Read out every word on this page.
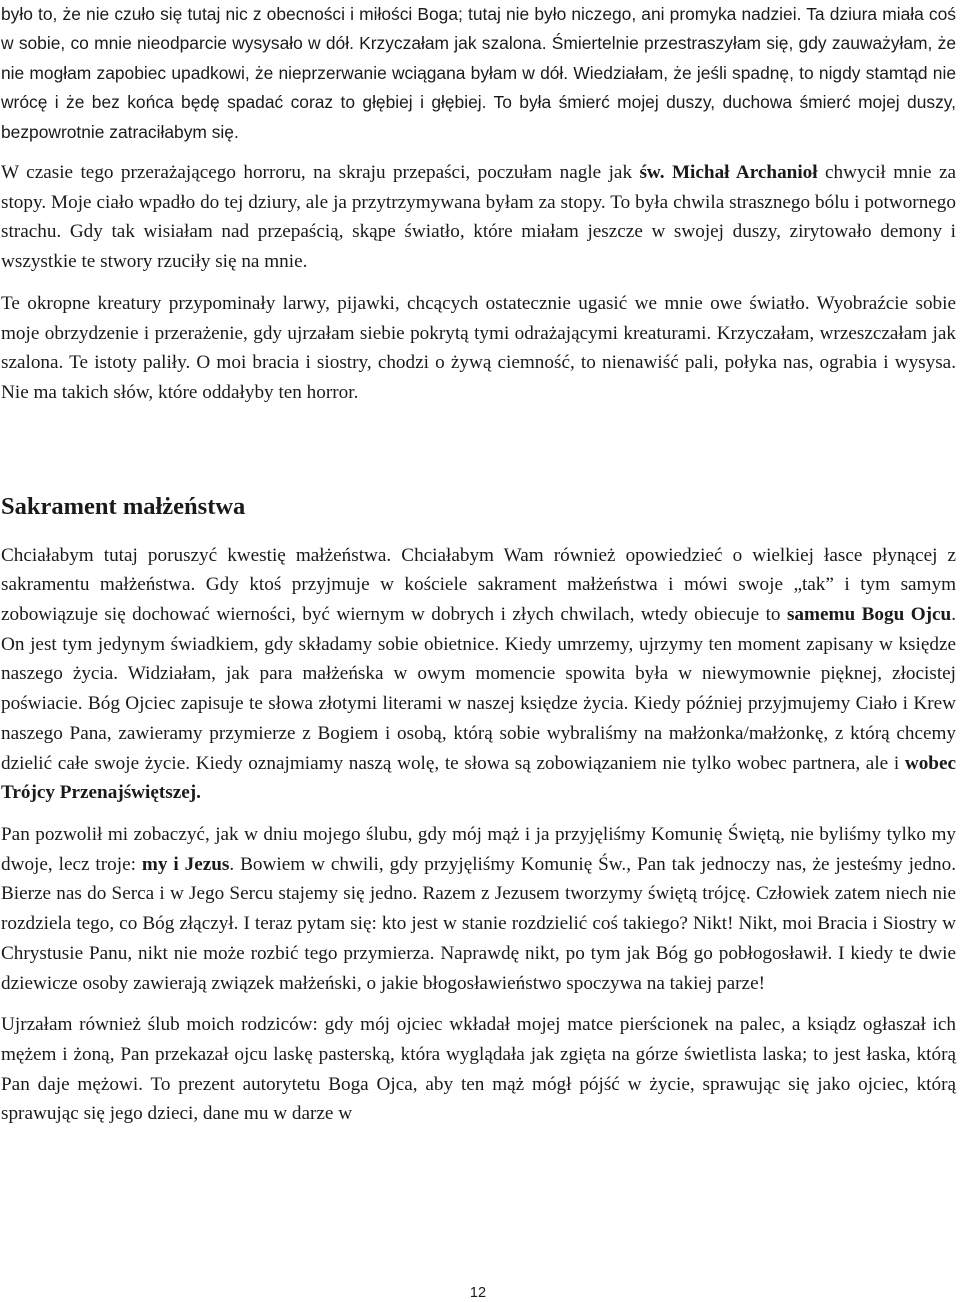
było to, że nie czuło się tutaj nic z obecności i miłości Boga; tutaj nie było niczego, ani promyka nadziei. Ta dziura miała coś w sobie, co mnie nieodparcie wysysało w dół. Krzyczałam jak szalona. Śmiertelnie przestraszyłam się, gdy zauważyłam, że nie mogłam zapobiec upadkowi, że nieprzerwanie wciągana byłam w dół. Wiedziałam, że jeśli spadnę, to nigdy stamtąd nie wrócę i że bez końca będę spadać coraz to głębiej i głębiej. To była śmierć mojej duszy, duchowa śmierć mojej duszy, bezpowrotnie zatraciłabym się.

W czasie tego przerażającego horroru, na skraju przepaści, poczułam nagle jak św. Michał Archanioł chwycił mnie za stopy. Moje ciało wpadło do tej dziury, ale ja przytrzymywana byłam za stopy. To była chwila strasznego bólu i potwornego strachu. Gdy tak wisiałam nad przepaścią, skąpe światło, które miałam jeszcze w swojej duszy, zirytowało demony i wszystkie te stwory rzuciły się na mnie.

Te okropne kreatury przypominały larwy, pijawki, chcących ostatecznie ugasić we mnie owe światło. Wyobraźcie sobie moje obrzydzenie i przerażenie, gdy ujrzałam siebie pokrytą tymi odrażającymi kreaturami. Krzyczałam, wrzeszczałam jak szalona. Te istoty paliły. O moi bracia i siostry, chodzi o żywą ciemność, to nienawiść pali, połyka nas, ograbia i wysysa. Nie ma takich słów, które oddałyby ten horror.

Sakrament małżeństwa

Chciałabym tutaj poruszyć kwestię małżeństwa. Chciałabym Wam również opowiedzieć o wielkiej łasce płynącej z sakramentu małżeństwa. Gdy ktoś przyjmuje w kościele sakrament małżeństwa i mówi swoje „tak” i tym samym zobowiązuje się dochować wierności, być wiernym w dobrych i złych chwilach, wtedy obiecuje to samemu Bogu Ojcu. On jest tym jedynym świadkiem, gdy składamy sobie obietnice. Kiedy umrzemy, ujrzymy ten moment zapisany w księdze naszego życia. Widziałam, jak para małżeńska w owym momencie spowita była w niewymownie pięknej, złocistej poświacie. Bóg Ojciec zapisuje te słowa złotymi literami w naszej księdze życia. Kiedy później przyjmujemy Ciało i Krew naszego Pana, zawieramy przymierze z Bogiem i osobą, którą sobie wybraliśmy na małżonka/małżonkę, z którą chcemy dzielić całe swoje życie. Kiedy oznajmiamy naszą wolę, te słowa są zobowiązaniem nie tylko wobec partnera, ale i wobec Trójcy Przenajświętszej.

Pan pozwolił mi zobaczyć, jak w dniu mojego ślubu, gdy mój mąż i ja przyjęliśmy Komunię Świętą, nie byliśmy tylko my dwoje, lecz troje: my i Jezus. Bowiem w chwili, gdy przyjęliśmy Komunię Św., Pan tak jednoczy nas, że jesteśmy jedno. Bierze nas do Serca i w Jego Sercu stajemy się jedno. Razem z Jezusem tworzymy świętą trójcę. Człowiek zatem niech nie rozdziela tego, co Bóg złączył. I teraz pytam się: kto jest w stanie rozdzielić coś takiego? Nikt! Nikt, moi Bracia i Siostry w Chrystusie Panu, nikt nie może rozbić tego przymierza. Naprawdę nikt, po tym jak Bóg go pobłogosławił. I kiedy te dwie dziewicze osoby zawierają związek małżeński, o jakie błogosławieństwo spoczywa na takiej parze!

Ujrzałam również ślub moich rodziców: gdy mój ojciec wkładał mojej matce pierścionek na palec, a ksiądz ogłaszał ich mężem i żoną, Pan przekazał ojcu laskę pasterską, która wyglądała jak zgięta na górze świetlista laska; to jest łaska, którą Pan daje mężowi. To prezent autorytetu Boga Ojca, aby ten mąż mógł pójść w życie, sprawując się jako ojciec, którą sprawując się jego dzieci, dane mu w darze w

12
